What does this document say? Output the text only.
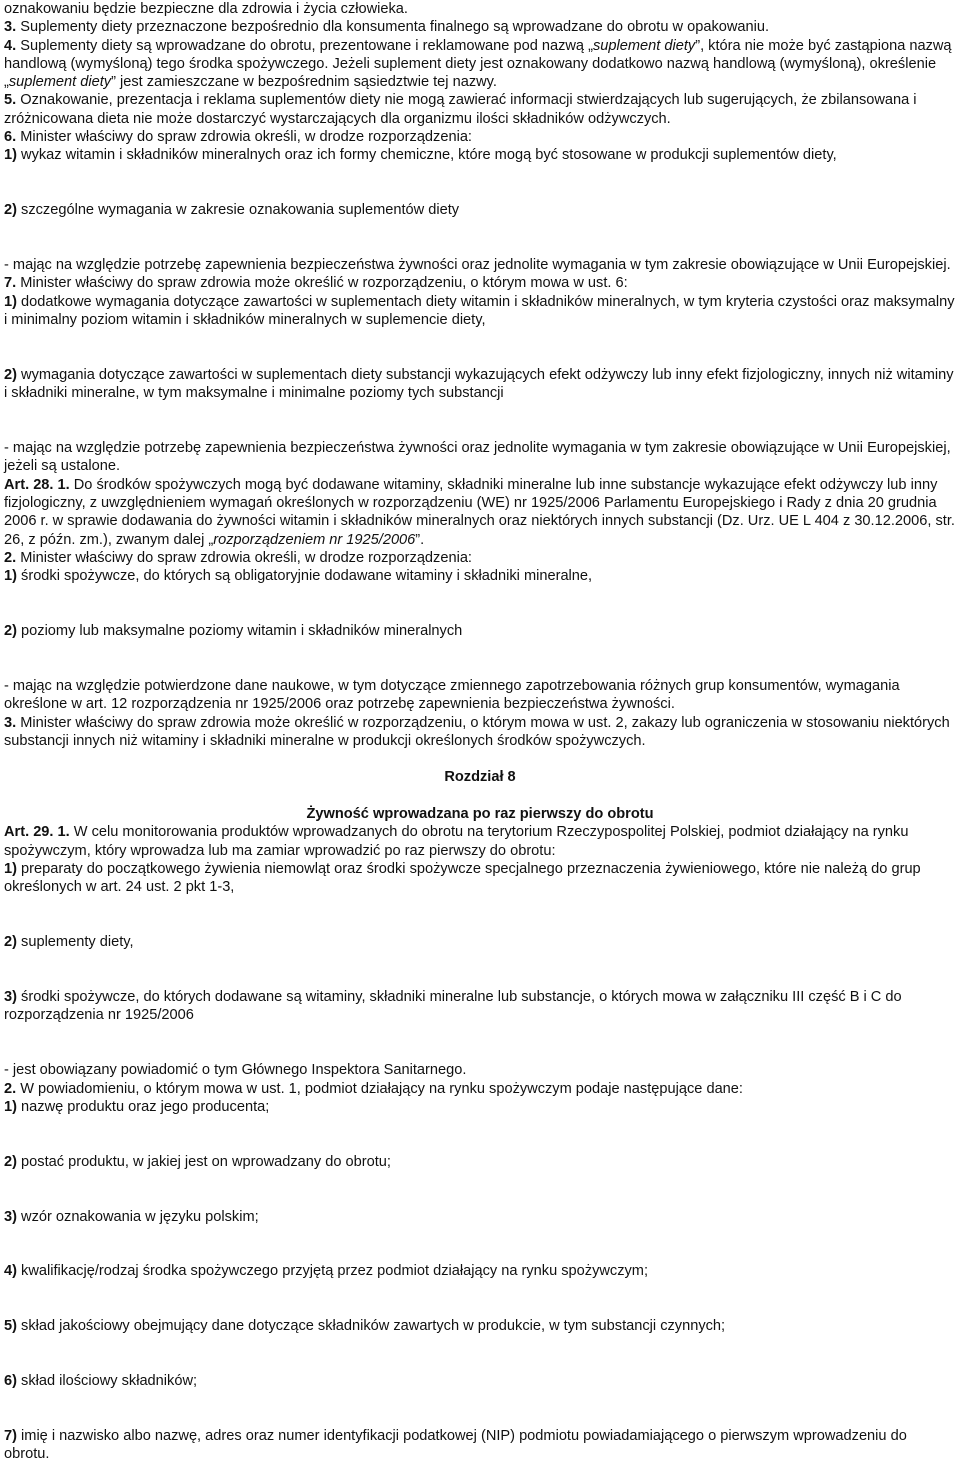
oznakowaniu będzie bezpieczne dla zdrowia i życia człowieka.

3. Suplementy diety przeznaczone bezpośrednio dla konsumenta finalnego są wprowadzane do obrotu w opakowaniu.

4. Suplementy diety są wprowadzane do obrotu, prezentowane i reklamowane pod nazwą „suplement diety”, która nie może być zastąpiona nazwą handlową (wymyśloną) tego środka spożywczego. Jeżeli suplement diety jest oznakowany dodatkowo nazwą handlową (wymyśloną), określenie „suplement diety” jest zamieszczane w bezpośrednim sąsiedztwie tej nazwy.

5. Oznakowanie, prezentacja i reklama suplementów diety nie mogą zawierać informacji stwierdzających lub sugerujących, że zbilansowana i zróżnicowana dieta nie może dostarczyć wystarczających dla organizmu ilości składników odżywczych.

6. Minister właściwy do spraw zdrowia określi, w drodze rozporządzenia:

1) wykaz witamin i składników mineralnych oraz ich formy chemiczne, które mogą być stosowane w produkcji suplementów diety,

2) szczególne wymagania w zakresie oznakowania suplementów diety

- mając na względzie potrzebę zapewnienia bezpieczeństwa żywności oraz jednolite wymagania w tym zakresie obowiązujące w Unii Europejskiej.

7. Minister właściwy do spraw zdrowia może określić w rozporządzeniu, o którym mowa w ust. 6:

1) dodatkowe wymagania dotyczące zawartości w suplementach diety witamin i składników mineralnych, w tym kryteria czystości oraz maksymalny i minimalny poziom witamin i składników mineralnych w suplemencie diety,

2) wymagania dotyczące zawartości w suplementach diety substancji wykazujących efekt odżywczy lub inny efekt fizjologiczny, innych niż witaminy i składniki mineralne, w tym maksymalne i minimalne poziomy tych substancji

- mając na względzie potrzebę zapewnienia bezpieczeństwa żywności oraz jednolite wymagania w tym zakresie obowiązujące w Unii Europejskiej, jeżeli są ustalone.

Art. 28. 1. Do środków spożywczych mogą być dodawane witaminy, składniki mineralne lub inne substancje wykazujące efekt odżywczy lub inny fizjologiczny, z uwzględnieniem wymagań określonych w rozporządzeniu (WE) nr 1925/2006 Parlamentu Europejskiego i Rady z dnia 20 grudnia 2006 r. w sprawie dodawania do żywności witamin i składników mineralnych oraz niektórych innych substancji (Dz. Urz. UE L 404 z 30.12.2006, str. 26, z późn. zm.), zwanym dalej „rozporządzeniem nr 1925/2006”.

2. Minister właściwy do spraw zdrowia określi, w drodze rozporządzenia:

1) środki spożywcze, do których są obligatoryjnie dodawane witaminy i składniki mineralne,

2) poziomy lub maksymalne poziomy witamin i składników mineralnych

- mając na względzie potwierdzone dane naukowe, w tym dotyczące zmiennego zapotrzebowania różnych grup konsumentów, wymagania określone w art. 12 rozporządzenia nr 1925/2006 oraz potrzebę zapewnienia bezpieczeństwa żywności.

3. Minister właściwy do spraw zdrowia może określić w rozporządzeniu, o którym mowa w ust. 2, zakazy lub ograniczenia w stosowaniu niektórych substancji innych niż witaminy i składniki mineralne w produkcji określonych środków spożywczych.

Rozdział 8

Żywność wprowadzana po raz pierwszy do obrotu

Art. 29. 1. W celu monitorowania produktów wprowadzanych do obrotu na terytorium Rzeczypospolitej Polskiej, podmiot działający na rynku spożywczym, który wprowadza lub ma zamiar wprowadzić po raz pierwszy do obrotu:

1) preparaty do początkowego żywienia niemowląt oraz środki spożywcze specjalnego przeznaczenia żywieniowego, które nie należą do grup określonych w art. 24 ust. 2 pkt 1-3,

2) suplementy diety,

3) środki spożywcze, do których dodawane są witaminy, składniki mineralne lub substancje, o których mowa w załączniku III część B i C do rozporządzenia nr 1925/2006

- jest obowiązany powiadomić o tym Głównego Inspektora Sanitarnego.

2. W powiadomieniu, o którym mowa w ust. 1, podmiot działający na rynku spożywczym podaje następujące dane:

1) nazwę produktu oraz jego producenta;

2) postać produktu, w jakiej jest on wprowadzany do obrotu;

3) wzór oznakowania w języku polskim;

4) kwalifikację/rodzaj środka spożywczego przyjętą przez podmiot działający na rynku spożywczym;

5) skład jakościowy obejmujący dane dotyczące składników zawartych w produkcie, w tym substancji czynnych;

6) skład ilościowy składników;

7) imię i nazwisko albo nazwę, adres oraz numer identyfikacji podatkowej (NIP) podmiotu powiadamiającego o pierwszym wprowadzeniu do obrotu.
